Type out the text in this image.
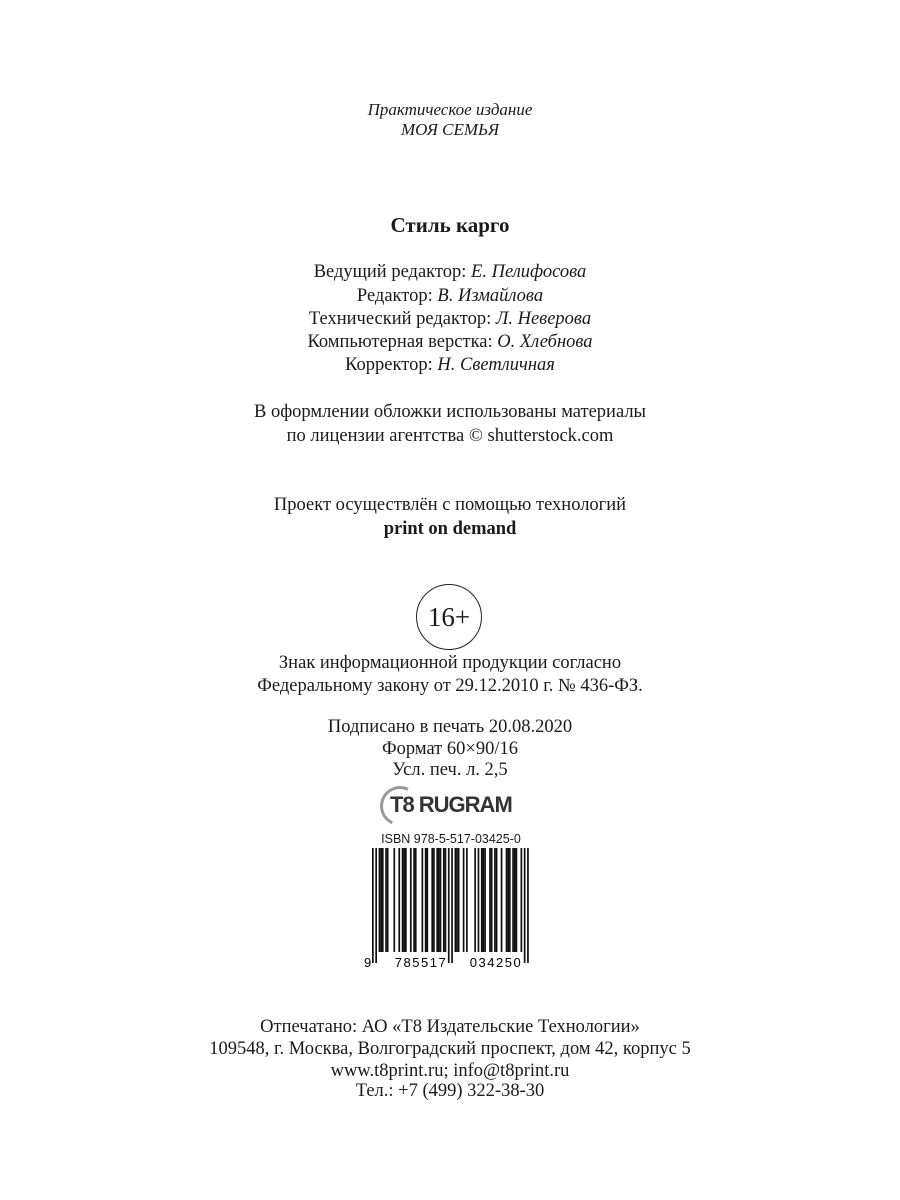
Практическое издание
МОЯ СЕМЬЯ
Стиль карго
Ведущий редактор: Е. Пелифосова
Редактор: В. Измайлова
Технический редактор: Л. Неверова
Компьютерная верстка: О. Хлебнова
Корректор: Н. Светличная
В оформлении обложки использованы материалы
по лицензии агентства © shutterstock.com
Проект осуществлён с помощью технологий
print on demand
16+
Знак информационной продукции согласно
Федеральному закону от 29.12.2010 г. № 436-ФЗ.
Подписано в печать 20.08.2020
Формат 60×90/16
Усл. печ. л. 2,5
T8 RUGRAM
ISBN 978-5-517-03425-0
9 785517 034250
Отпечатано: АО «Т8 Издательские Технологии»
109548, г. Москва, Волгоградский проспект, дом 42, корпус 5
www.t8print.ru; info@t8print.ru
Тел.: +7 (499) 322-38-30
